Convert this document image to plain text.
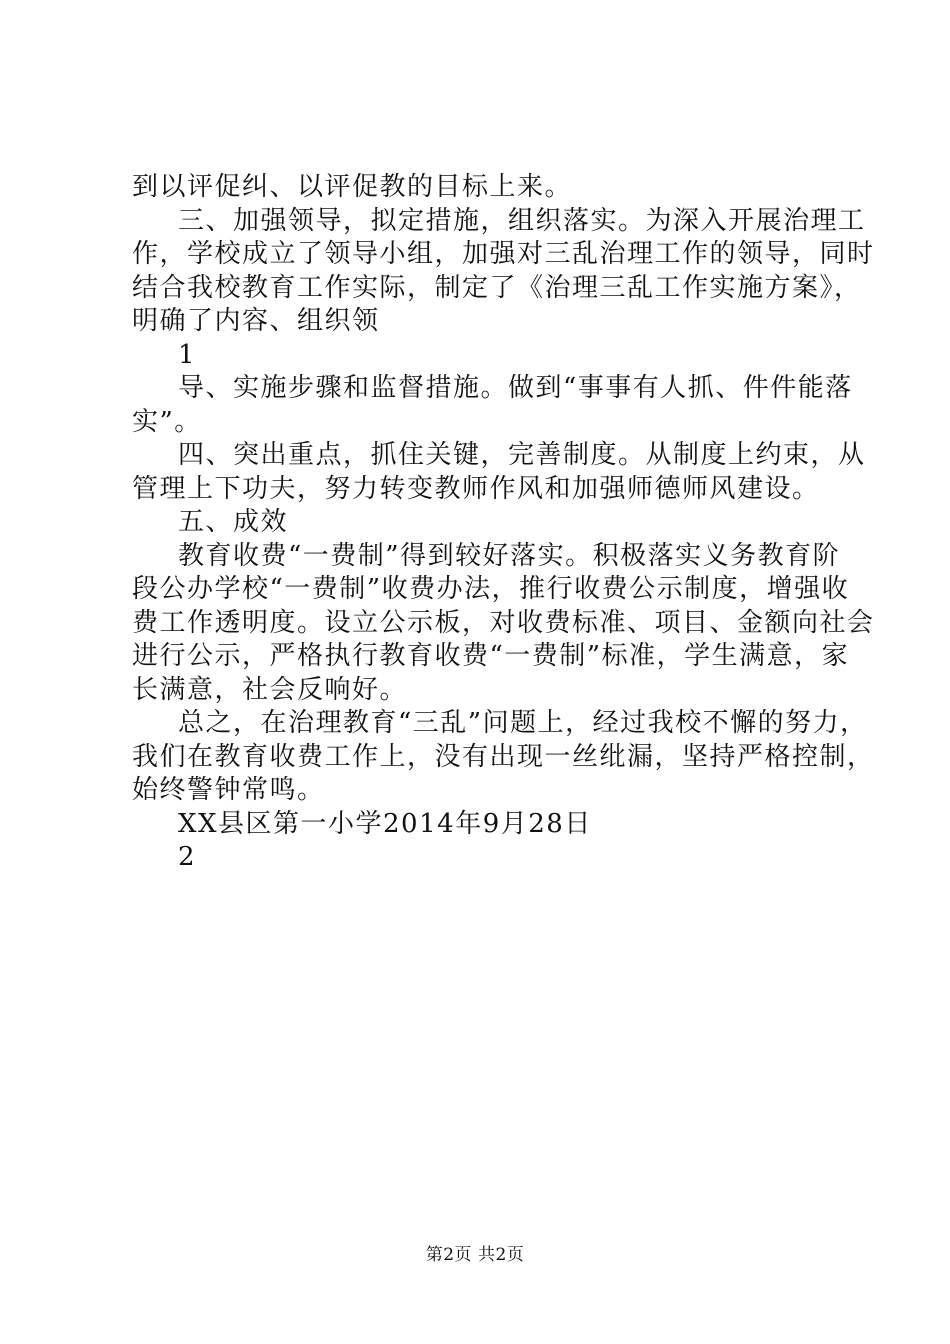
到以评促纠、以评促教的目标上来。
三、加强领导，拟定措施，组织落实。为深入开展治理工
作，学校成立了领导小组，加强对三乱治理工作的领导，同时
结合我校教育工作实际，制定了《治理三乱工作实施方案》，
明确了内容、组织领
1
导、实施步骤和监督措施。做到“事事有人抓、件件能落
实”。
四、突出重点，抓住关键，完善制度。从制度上约束，从
管理上下功夫，努力转变教师作风和加强师德师风建设。
五、成效
教育收费“一费制”得到较好落实。积极落实义务教育阶
段公办学校“一费制”收费办法，推行收费公示制度，增强收
费工作透明度。设立公示板，对收费标准、项目、金额向社会
进行公示，严格执行教育收费“一费制”标准，学生满意，家
长满意，社会反响好。
总之，在治理教育“三乱”问题上，经过我校不懈的努力，
我们在教育收费工作上，没有出现一丝纰漏，坚持严格控制，
始终警钟常鸣。
XX县区第一小学2014年9月28日
2
第2页 共2页
